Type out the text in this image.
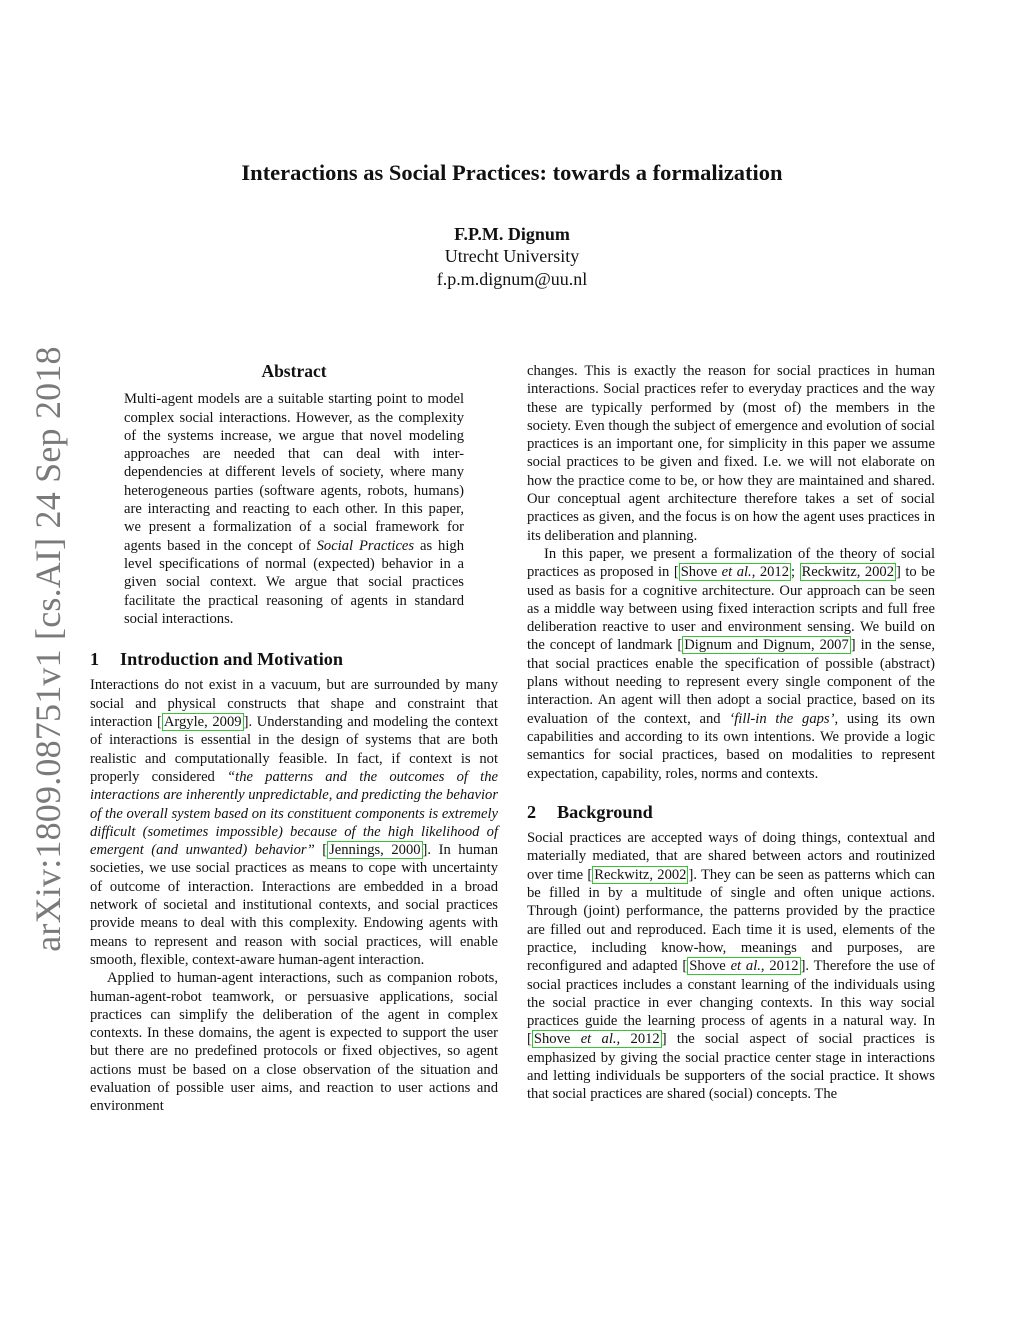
arXiv:1809.08751v1 [cs.AI] 24 Sep 2018
Interactions as Social Practices: towards a formalization
F.P.M. Dignum
Utrecht University
f.p.m.dignum@uu.nl
Abstract

Multi-agent models are a suitable starting point to model complex social interactions. However, as the complexity of the systems increase, we argue that novel modeling approaches are needed that can deal with inter-dependencies at different levels of society, where many heterogeneous parties (software agents, robots, humans) are interacting and reacting to each other. In this paper, we present a formalization of a social framework for agents based in the concept of Social Practices as high level specifications of normal (expected) behavior in a given social context. We argue that social practices facilitate the practical reasoning of agents in standard social interactions.

1 Introduction and Motivation

Interactions do not exist in a vacuum, but are surrounded by many social and physical constructs that shape and constraint that interaction [ Argyle, 2009 ]. Understanding and modeling the context of interactions is essential in the design of systems that are both realistic and computationally feasible. In fact, if context is not properly considered “the patterns and the outcomes of the interactions are inherently unpredictable, and predicting the behavior of the overall system based on its constituent components is extremely difficult (sometimes impossible) because of the high likelihood of emergent (and unwanted) behavior” [ Jennings, 2000 ]. In human societies, we use social practices as means to cope with uncertainty of outcome of interaction. Interactions are embedded in a broad network of societal and institutional contexts, and social practices provide means to deal with this complexity. Endowing agents with means to represent and reason with social practices, will enable smooth, flexible, context-aware human-agent interaction.

Applied to human-agent interactions, such as companion robots, human-agent-robot teamwork, or persuasive applications, social practices can simplify the deliberation of the agent in complex contexts. In these domains, the agent is expected to support the user but there are no predefined protocols or fixed objectives, so agent actions must be based on a close observation of the situation and evaluation of possible user aims, and reaction to user actions and environment

changes. This is exactly the reason for social practices in human interactions. Social practices refer to everyday practices and the way these are typically performed by (most of) the members in the society. Even though the subject of emergence and evolution of social practices is an important one, for simplicity in this paper we assume social practices to be given and fixed. I.e. we will not elaborate on how the practice come to be, or how they are maintained and shared. Our conceptual agent architecture therefore takes a set of social practices as given, and the focus is on how the agent uses practices in its deliberation and planning.

In this paper, we present a formalization of the theory of social practices as proposed in [ Shove et al., 2012 ; Reckwitz, 2002 ] to be used as basis for a cognitive architecture. Our approach can be seen as a middle way between using fixed interaction scripts and full free deliberation reactive to user and environment sensing. We build on the concept of landmark [ Dignum and Dignum, 2007 ] in the sense, that social practices enable the specification of possible (abstract) plans without needing to represent every single component of the interaction. An agent will then adopt a social practice, based on its evaluation of the context, and ‘fill-in the gaps’, using its own capabilities and according to its own intentions. We provide a logic semantics for social practices, based on modalities to represent expectation, capability, roles, norms and contexts.

2 Background

Social practices are accepted ways of doing things, contextual and materially mediated, that are shared between actors and routinized over time [ Reckwitz, 2002 ]. They can be seen as patterns which can be filled in by a multitude of single and often unique actions. Through (joint) performance, the patterns provided by the practice are filled out and reproduced. Each time it is used, elements of the practice, including know-how, meanings and purposes, are reconfigured and adapted [ Shove et al., 2012 ]. Therefore the use of social practices includes a constant learning of the individuals using the social practice in ever changing contexts. In this way social practices guide the learning process of agents in a natural way. In [ Shove et al., 2012 ] the social aspect of social practices is emphasized by giving the social practice center stage in interactions and letting individuals be supporters of the social practice. It shows that social practices are shared (social) concepts. The
